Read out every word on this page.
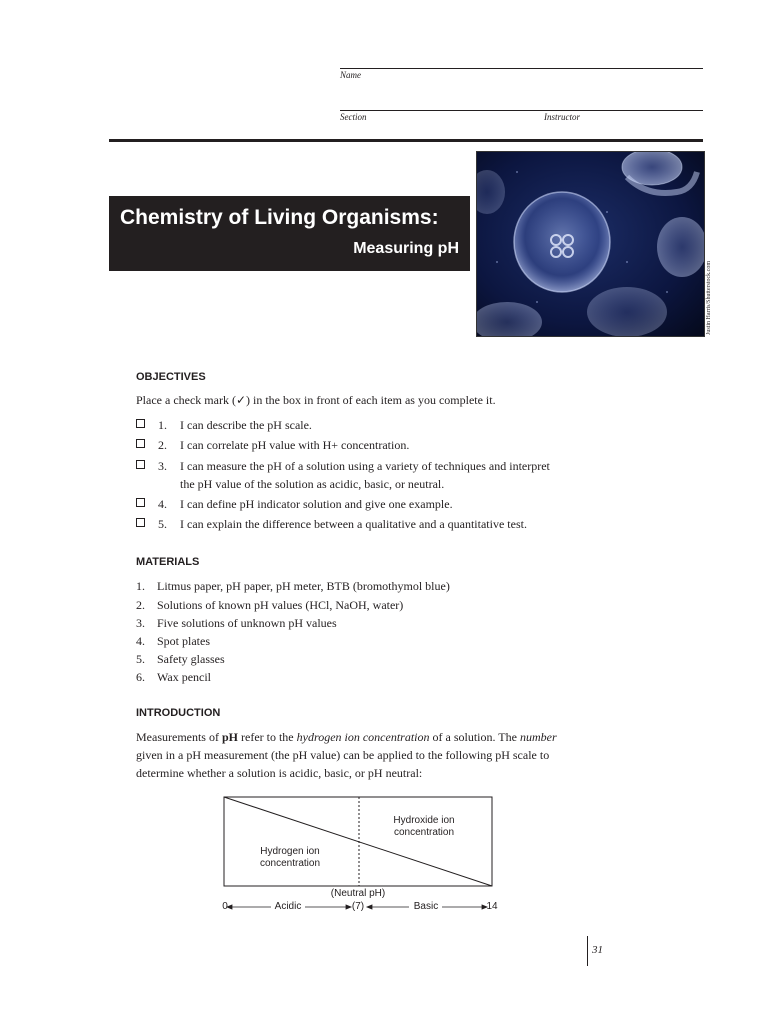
Name
Section	Instructor
Chemistry of Living Organisms:
Measuring pH
Justin Harris/Shutterstock.com
OBJECTIVES
Place a check mark (✓) in the box in front of each item as you complete it.
1. I can describe the pH scale.
2. I can correlate pH value with H+ concentration.
3. I can measure the pH of a solution using a variety of techniques and interpret
the pH value of the solution as acidic, basic, or neutral.
4. I can define pH indicator solution and give one example.
5. I can explain the difference between a qualitative and a quantitative test.
MATERIALS
1. Litmus paper, pH paper, pH meter, BTB (bromothymol blue)
2. Solutions of known pH values (HCl, NaOH, water)
3. Five solutions of unknown pH values
4. Spot plates
5. Safety glasses
6. Wax pencil
INTRODUCTION
Measurements of pH refer to the hydrogen ion concentration of a solution. The number
given in a pH measurement (the pH value) can be applied to the following pH scale to
determine whether a solution is acidic, basic, or pH neutral:
Hydroxide ion
concentration
Hydrogen ion
concentration
(Neutral pH)
0	Acidic	(7)	Basic	14
31
